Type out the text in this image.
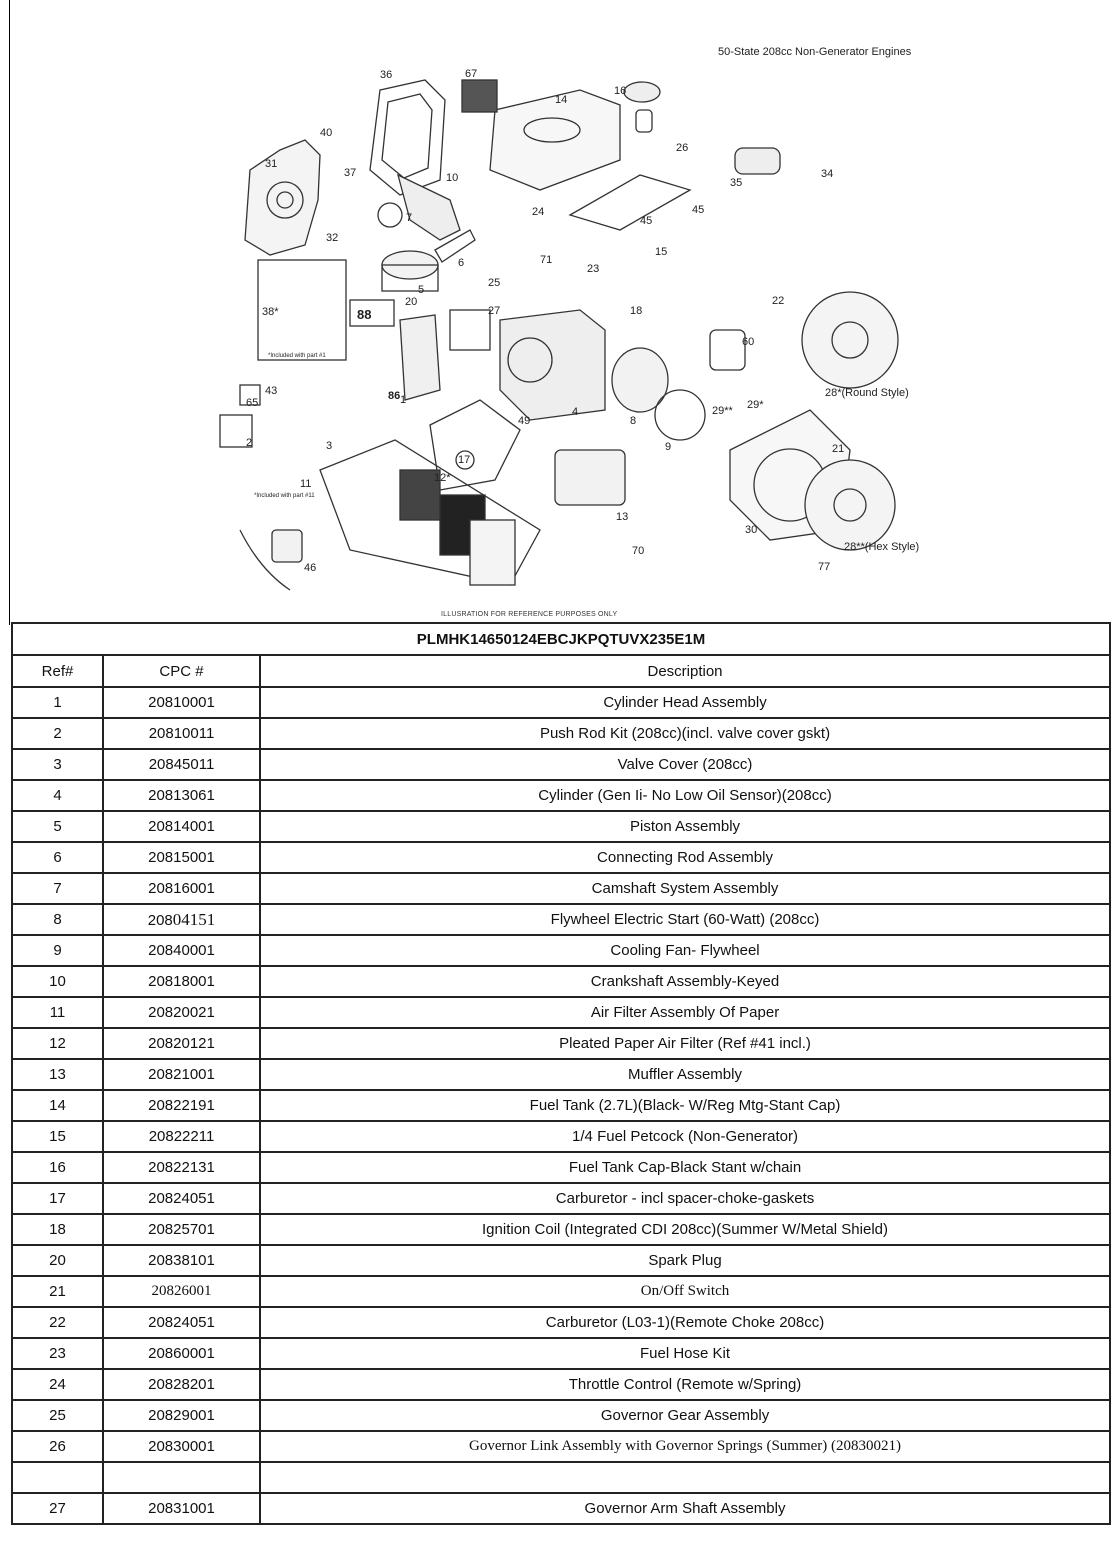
50-State 208cc Non-Generator Engines
36	67
14
16
40
31
37	10
26
35
34
32
24
45
45
7
6	71
23
15
25
5
27	18
22
38*
20
60
1
43
65
86	28*(Round Style)
29** 29*
8
49
2	3
4
9	21
17
12*
11
41*
13
30
28**(Hex Style)
46
70
77
88
*Included with part #1
*Included with part #11
ILLUSRATION FOR REFERENCE PURPOSES ONLY
PLMHK14650124EBCJKPQTUVX235E1M		
Ref#	CPC #	Description
1	20810001	Cylinder Head Assembly
2	20810011	Push Rod Kit (208cc)(incl. valve cover gskt)
3	20845011	Valve Cover (208cc)
4	20813061	Cylinder (Gen Ii- No Low Oil Sensor)(208cc)
5	20814001	Piston Assembly
6	20815001	Connecting Rod Assembly
7	20816001	Camshaft System Assembly
8	20804151	Flywheel Electric Start (60-Watt) (208cc)
9	20840001	Cooling Fan- Flywheel
10	20818001	Crankshaft Assembly-Keyed
11	20820021	Air Filter Assembly Of Paper
12	20820121	Pleated Paper Air Filter (Ref #41 incl.)
13	20821001	Muffler Assembly
14	20822191	Fuel Tank (2.7L)(Black- W/Reg Mtg-Stant Cap)
15	20822211	1/4 Fuel Petcock (Non-Generator)
16	20822131	Fuel Tank Cap-Black Stant w/chain
17	20824051	Carburetor - incl spacer-choke-gaskets
18	20825701	Ignition Coil (Integrated CDI 208cc)(Summer W/Metal Shield)
20	20838101	Spark Plug
21	20826001	On/Off Switch
22	20824051	Carburetor (L03-1)(Remote Choke 208cc)
23	20860001	Fuel Hose Kit
24	20828201	Throttle Control (Remote w/Spring)
25	20829001	Governor Gear Assembly
26	20830001	Governor Link Assembly with Governor Springs (Summer) (20830021)

27	20831001	Governor Arm Shaft Assembly
